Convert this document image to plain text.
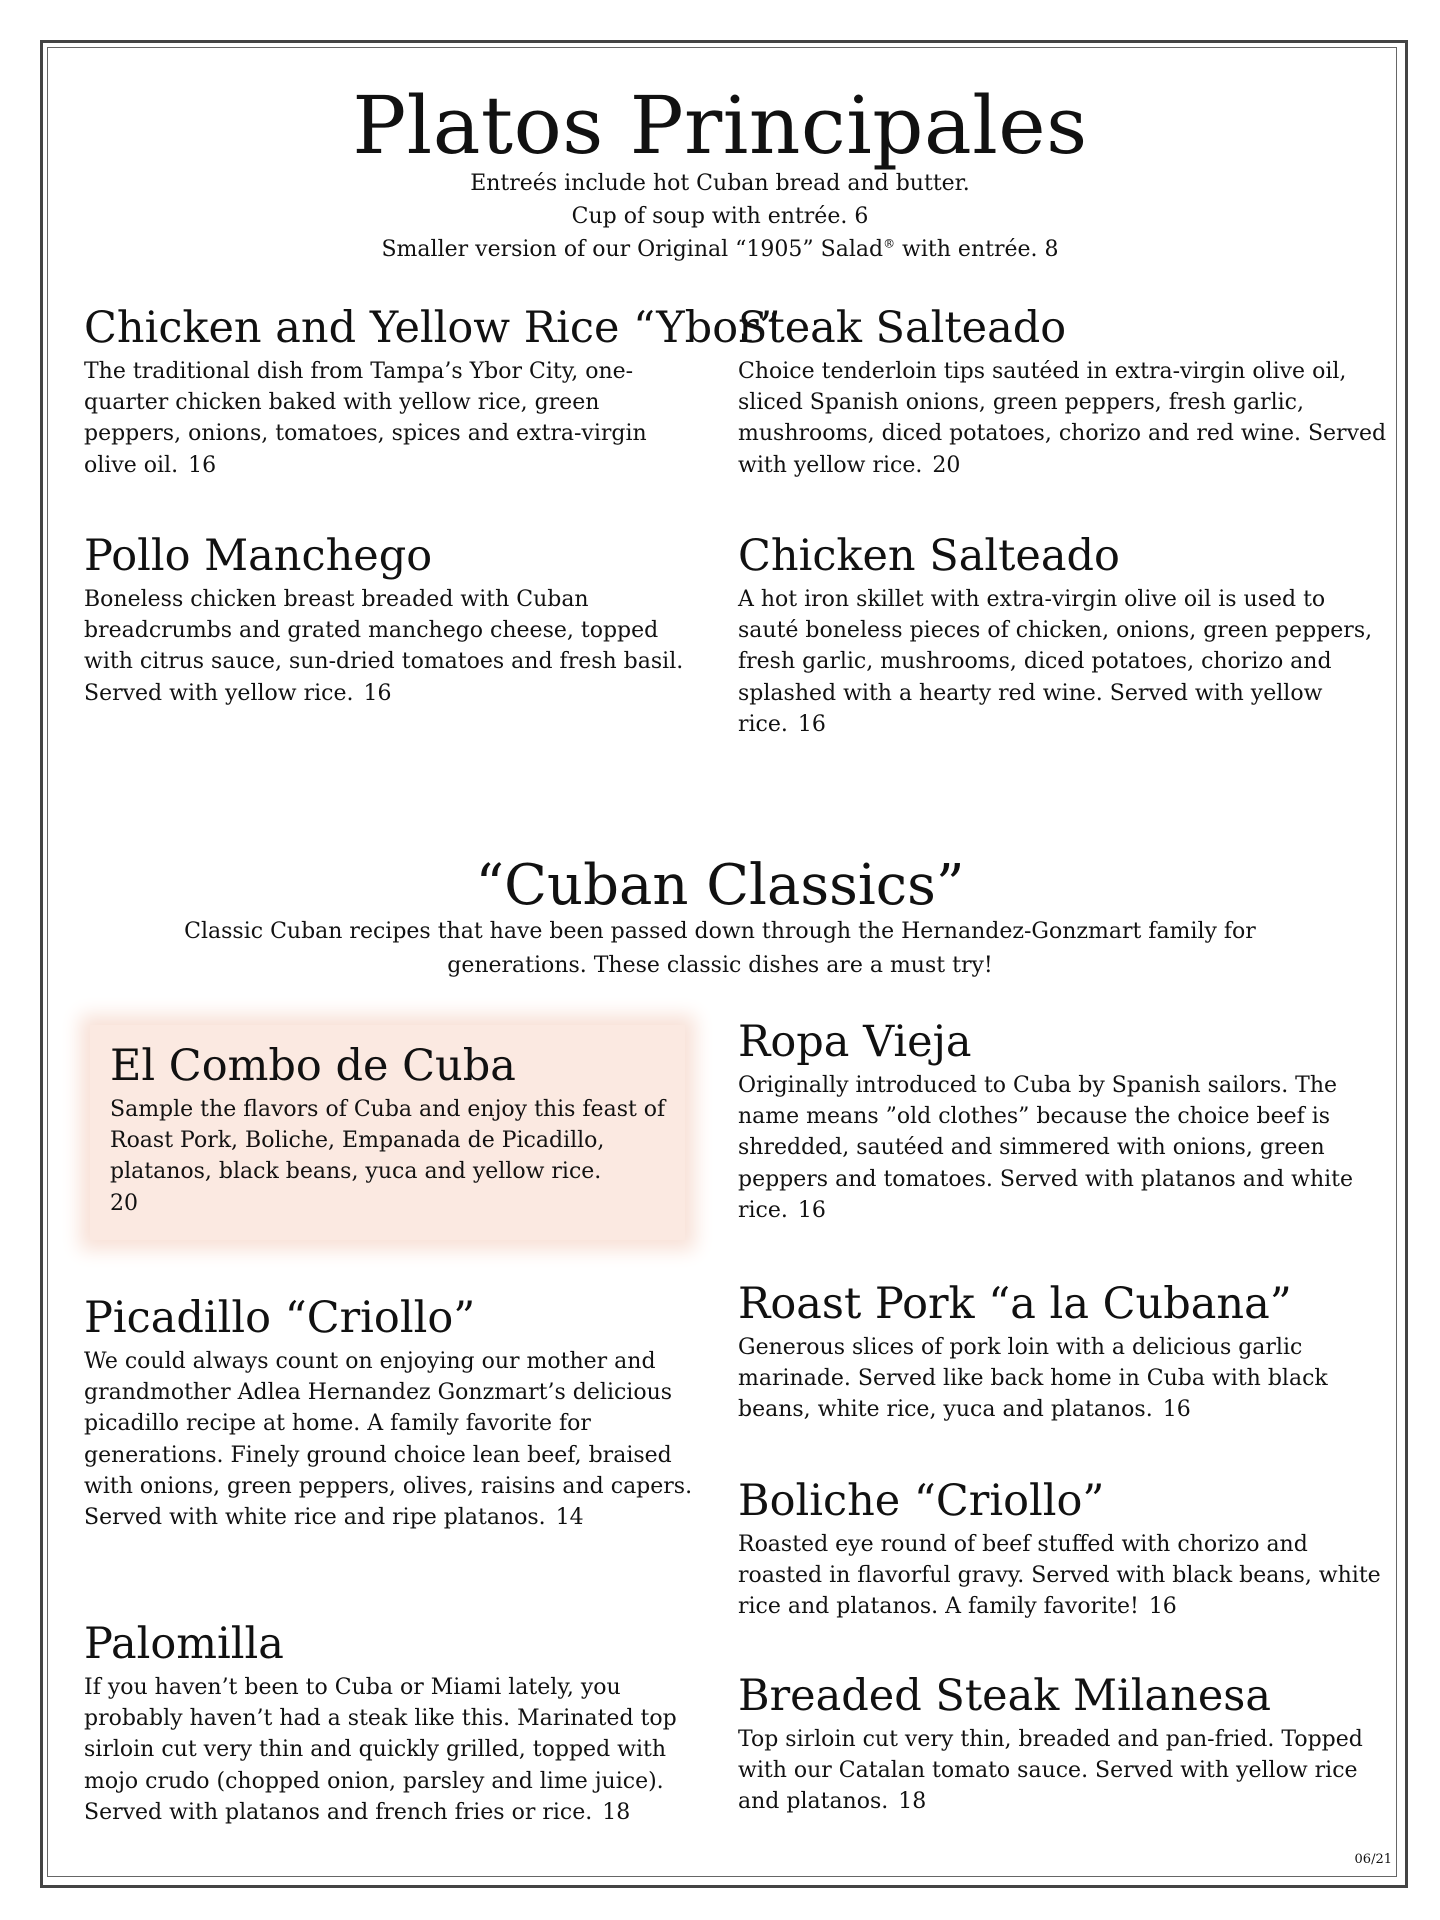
Platos Principales

Entreés include hot Cuban bread and butter.

Cup of soup with entrée. 6

Smaller version of our Original “1905” Salad® with entrée. 8

Chicken and Yellow Rice “Ybor”

The traditional dish from Tampa’s Ybor City, one-quarter chicken baked with yellow rice, green peppers, onions, tomatoes, spices and extra-virgin olive oil. 16

Steak Salteado

Choice tenderloin tips sautéed in extra-virgin olive oil, sliced Spanish onions, green peppers, fresh garlic, mushrooms, diced potatoes, chorizo and red wine. Served with yellow rice. 20

Pollo Manchego

Boneless chicken breast breaded with Cuban breadcrumbs and grated manchego cheese, topped with citrus sauce, sun-dried tomatoes and fresh basil. Served with yellow rice. 16

Chicken Salteado

A hot iron skillet with extra-virgin olive oil is used to sauté boneless pieces of chicken, onions, green peppers, fresh garlic, mushrooms, diced potatoes, chorizo and splashed with a hearty red wine. Served with yellow rice. 16

“Cuban Classics”

Classic Cuban recipes that have been passed down through the Hernandez-Gonzmart family for generations. These classic dishes are a must try!

El Combo de Cuba

Sample the flavors of Cuba and enjoy this feast of Roast Pork, Boliche, Empanada de Picadillo, platanos, black beans, yuca and yellow rice.
20

Ropa Vieja

Originally introduced to Cuba by Spanish sailors. The name means ”old clothes” because the choice beef is shredded, sautéed and simmered with onions, green peppers and tomatoes. Served with platanos and white rice. 16

Picadillo “Criollo”

We could always count on enjoying our mother and grandmother Adlea Hernandez Gonzmart’s delicious picadillo recipe at home. A family favorite for generations. Finely ground choice lean beef, braised with onions, green peppers, olives, raisins and capers. Served with white rice and ripe platanos. 14

Roast Pork “a la Cubana”

Generous slices of pork loin with a delicious garlic marinade. Served like back home in Cuba with black beans, white rice, yuca and platanos. 16

Boliche “Criollo”

Roasted eye round of beef stuffed with chorizo and roasted in flavorful gravy. Served with black beans, white rice and platanos. A family favorite! 16

Palomilla

If you haven’t been to Cuba or Miami lately, you probably haven’t had a steak like this. Marinated top sirloin cut very thin and quickly grilled, topped with mojo crudo (chopped onion, parsley and lime juice). Served with platanos and french fries or rice. 18

Breaded Steak Milanesa

Top sirloin cut very thin, breaded and pan-fried. Topped with our Catalan tomato sauce. Served with yellow rice and platanos. 18

06/21
